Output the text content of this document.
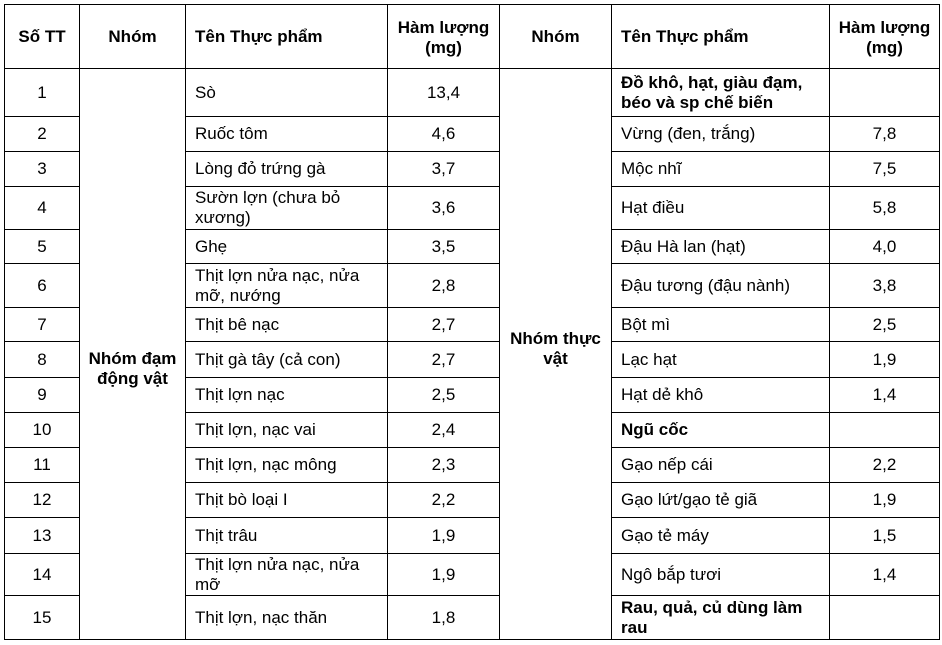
Số TT	Nhóm	Tên Thực phẩm	Hàm lượng (mg)	Nhóm	Tên Thực phẩm	Hàm lượng (mg)
1	Nhóm đạm động vật	Sò	13,4	Nhóm thực vật	Đồ khô, hạt, giàu đạm, béo và sp chế biến	
2		Ruốc tôm	4,6		Vừng (đen, trắng)	7,8
3		Lòng đỏ trứng gà	3,7		Mộc nhĩ	7,5
4		Sườn lợn (chưa bỏ xương)	3,6		Hạt điều	5,8
5		Ghẹ	3,5		Đậu Hà lan (hạt)	4,0
6		Thịt lợn nửa nạc, nửa mỡ, nướng	2,8		Đậu tương (đậu nành)	3,8
7		Thịt bê nạc	2,7		Bột mì	2,5
8		Thịt gà tây (cả con)	2,7		Lạc hạt	1,9
9		Thịt lợn nạc	2,5		Hạt dẻ khô	1,4
10		Thịt lợn, nạc vai	2,4		Ngũ cốc	
11		Thịt lợn, nạc mông	2,3		Gạo nếp cái	2,2
12		Thịt bò loại I	2,2		Gạo lứt/gạo tẻ giã	1,9
13		Thịt trâu	1,9		Gạo tẻ máy	1,5
14		Thịt lợn nửa nạc, nửa mỡ	1,9		Ngô bắp tươi	1,4
15		Thịt lợn, nạc thăn	1,8		Rau, quả, củ dùng làm rau	
